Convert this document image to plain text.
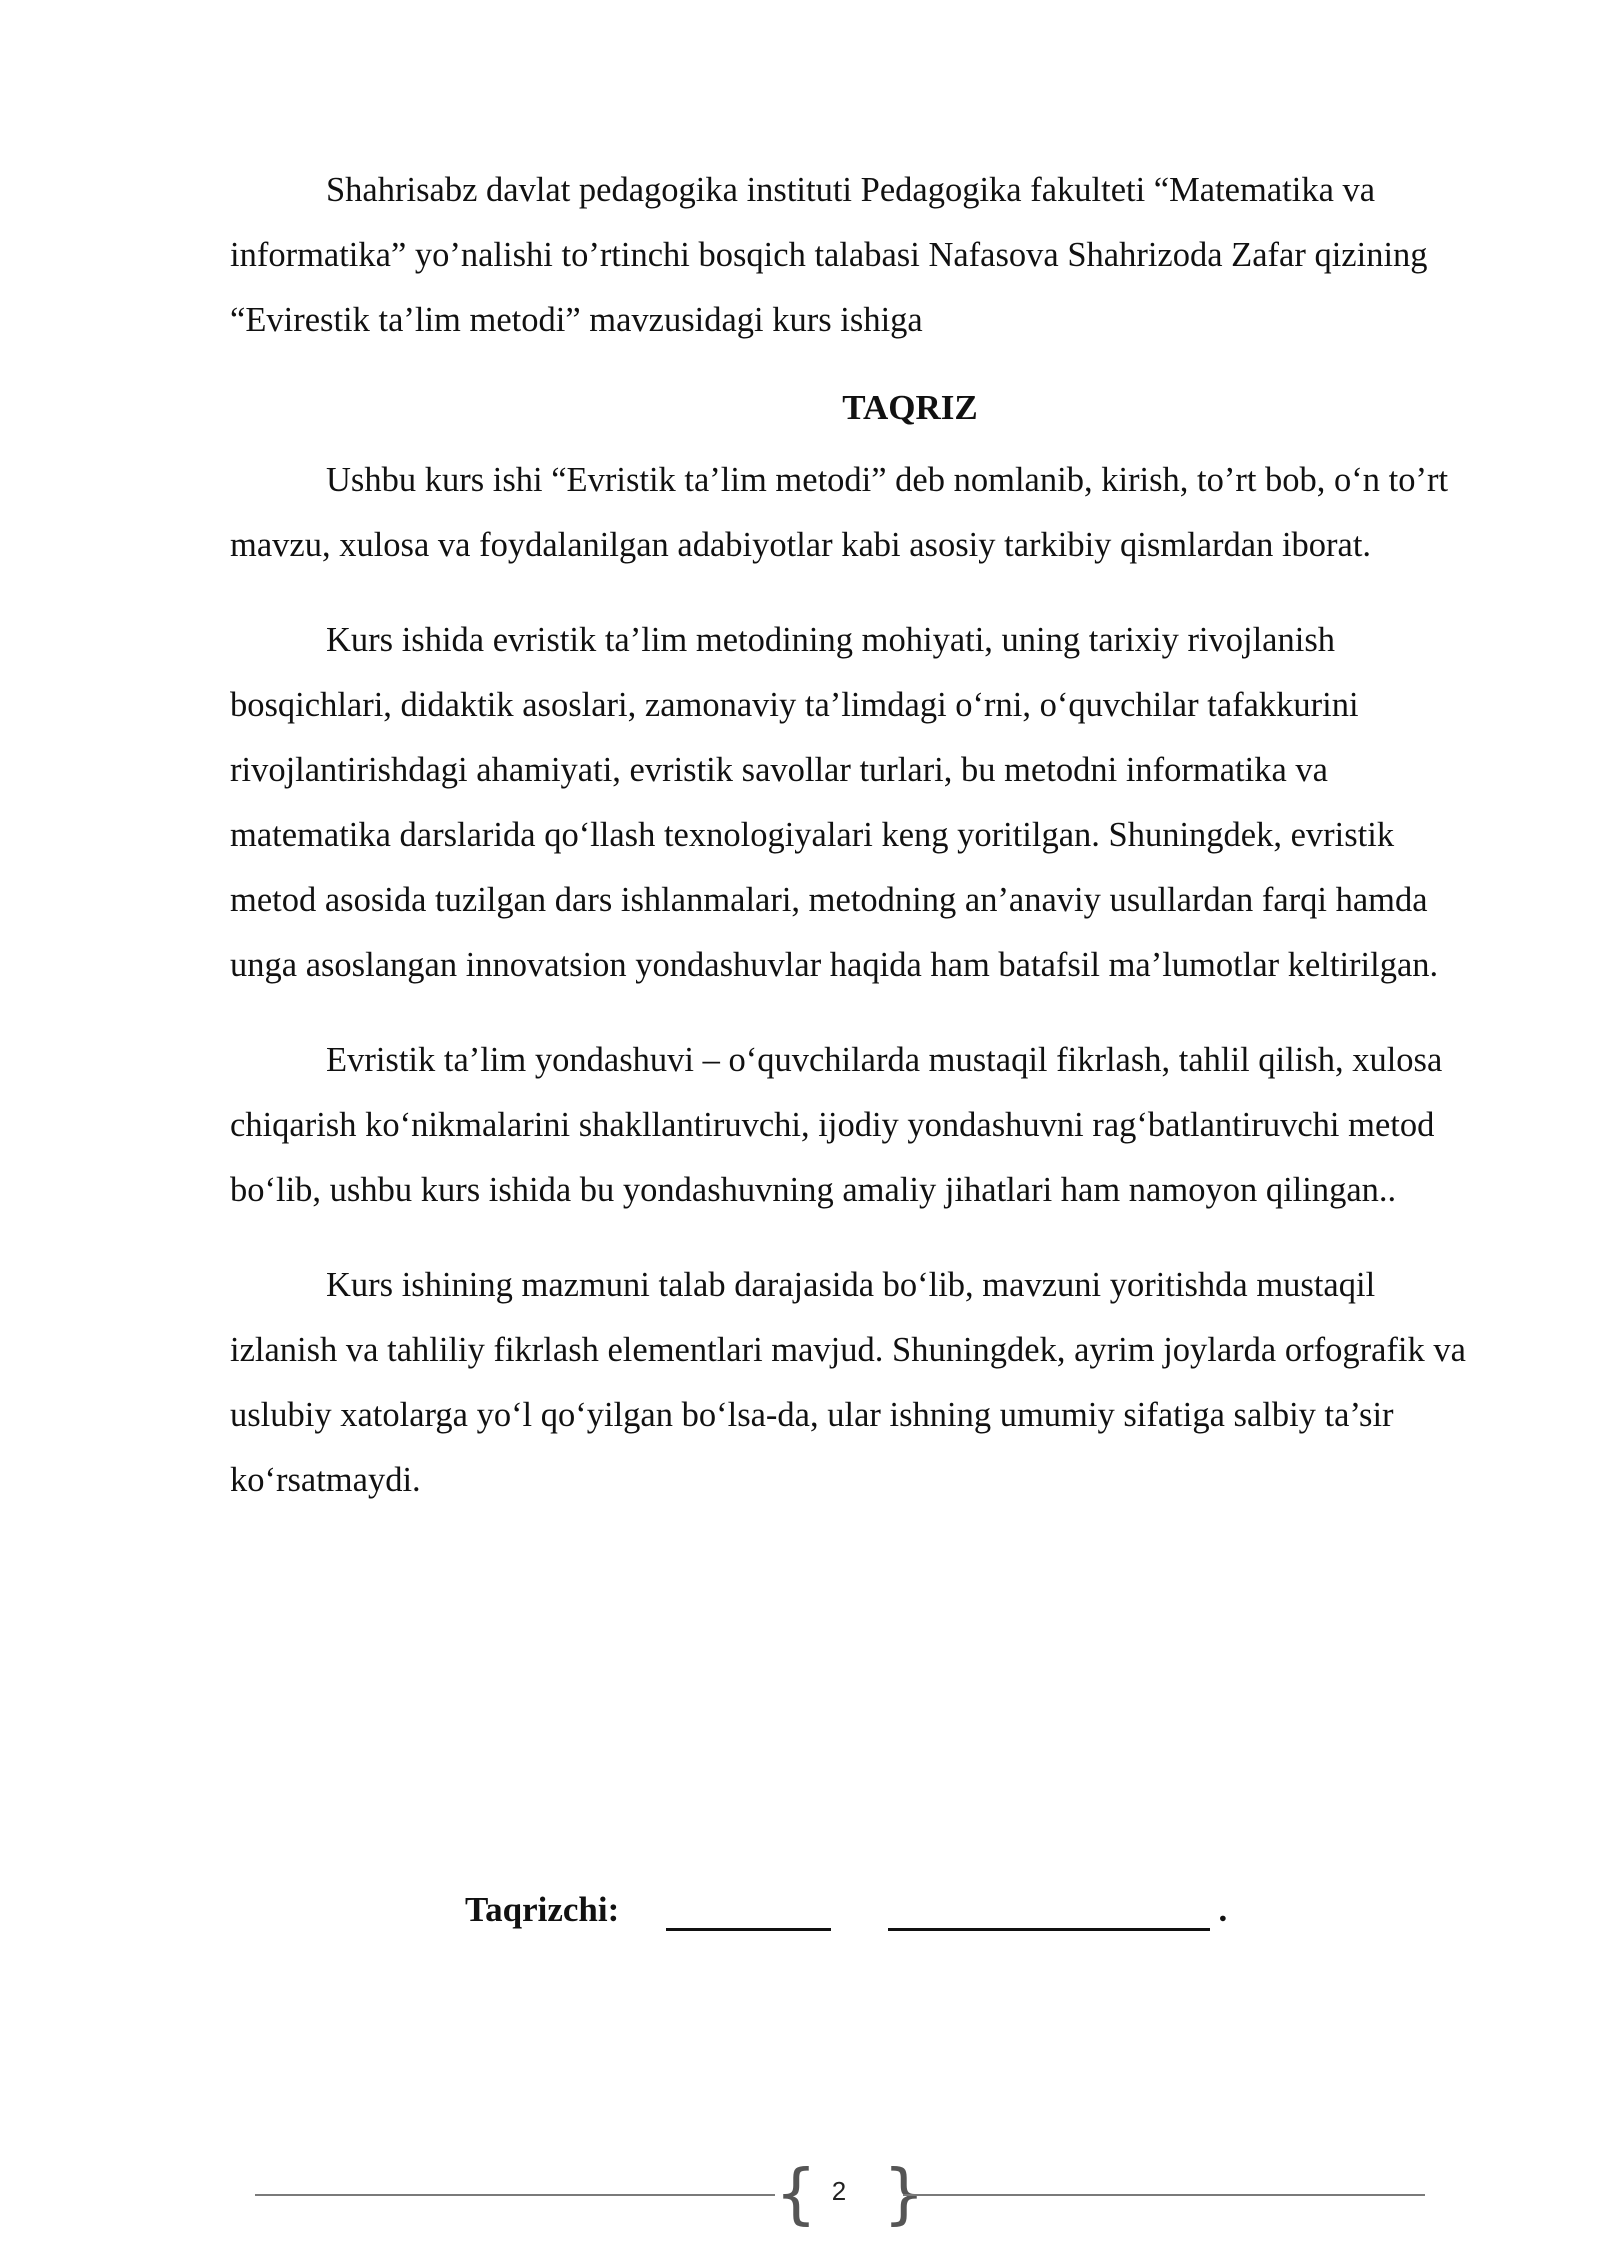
Shahrisabz davlat pedagogika instituti Pedagogika fakulteti “Matematika va informatika” yo’nalishi to’rtinchi bosqich talabasi Nafasova Shahrizoda Zafar qizining “Evirestik ta’lim metodi” mavzusidagi kurs ishiga

TAQRIZ

Ushbu kurs ishi “Evristik ta’lim metodi” deb nomlanib, kirish, to’rt bob, o‘n to’rt mavzu, xulosa va foydalanilgan adabiyotlar kabi asosiy tarkibiy qismlardan iborat.

Kurs ishida evristik ta’lim metodining mohiyati, uning tarixiy rivojlanish bosqichlari, didaktik asoslari, zamonaviy ta’limdagi o‘rni, o‘quvchilar tafakkurini rivojlantirishdagi ahamiyati, evristik savollar turlari, bu metodni informatika va matematika darslarida qo‘llash texnologiyalari keng yoritilgan. Shuningdek, evristik metod asosida tuzilgan dars ishlanmalari, metodning an’anaviy usullardan farqi hamda unga asoslangan innovatsion yondashuvlar haqida ham batafsil ma’lumotlar keltirilgan.

Evristik ta’lim yondashuvi – o‘quvchilarda mustaqil fikrlash, tahlil qilish, xulosa chiqarish ko‘nikmalarini shakllantiruvchi, ijodiy yondashuvni rag‘batlantiruvchi metod bo‘lib, ushbu kurs ishida bu yondashuvning amaliy jihatlari ham namoyon qilingan..

Kurs ishining mazmuni talab darajasida bo‘lib, mavzuni yoritishda mustaqil izlanish va tahliliy fikrlash elementlari mavjud. Shuningdek, ayrim joylarda orfografik va uslubiy xatolarga yo‘l qo‘yilgan bo‘lsa-da, ular ishning umumiy sifatiga salbiy ta’sir ko‘rsatmaydi.

Taqrizchi:	.
{ 2 }
